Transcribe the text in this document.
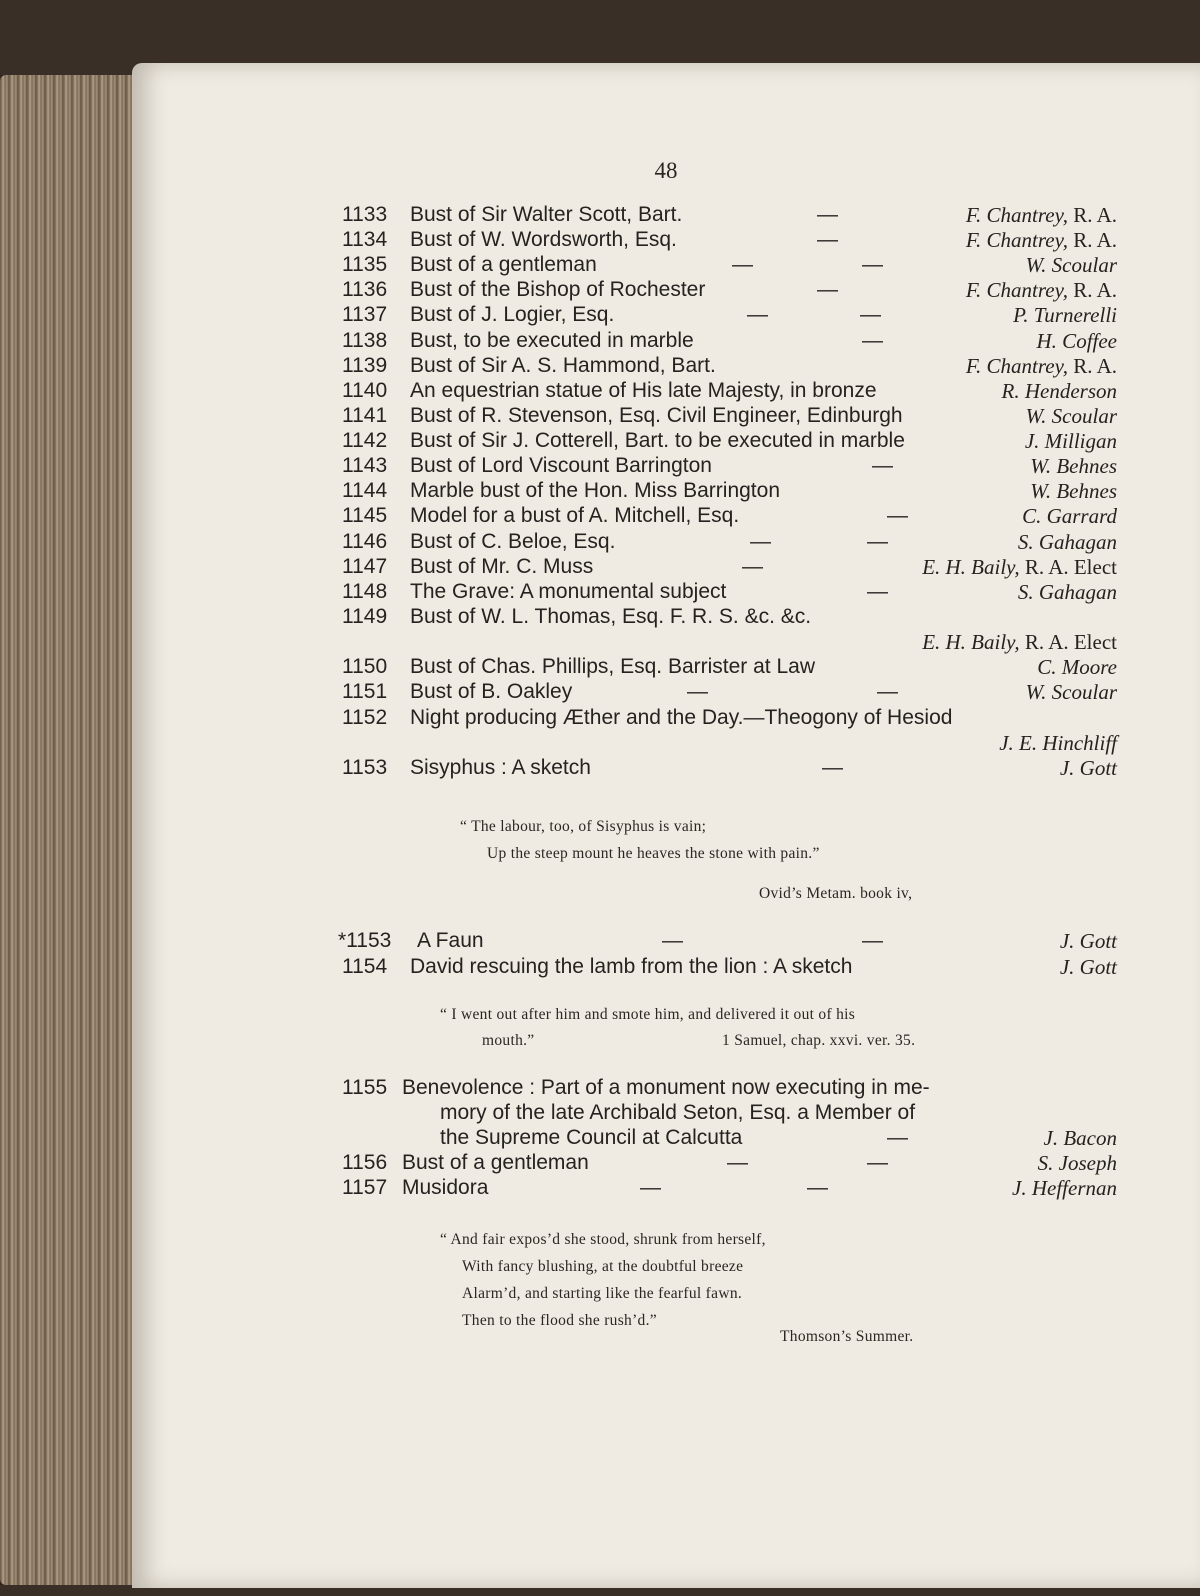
48
1133 Bust of Sir Walter Scott, Bart.	—	F. Chantrey, R. A.
1134 Bust of W. Wordsworth, Esq.	—	F. Chantrey, R. A.
1135 Bust of a gentleman	—	—	W. Scoular
1136 Bust of the Bishop of Rochester	—	F. Chantrey, R. A.
1137 Bust of J. Logier, Esq.	—	—	P. Turnerelli
1138 Bust, to be executed in marble	—	H. Coffee
1139 Bust of Sir A. S. Hammond, Bart.	F. Chantrey, R. A.
1140 An equestrian statue of His late Majesty, in bronze	R. Henderson
1141 Bust of R. Stevenson, Esq. Civil Engineer, Edinburgh	W. Scoular
1142 Bust of Sir J. Cotterell, Bart. to be executed in marble	J. Milligan
1143 Bust of Lord Viscount Barrington	—	W. Behnes
1144 Marble bust of the Hon. Miss Barrington	W. Behnes
1145 Model for a bust of A. Mitchell, Esq.	—	C. Garrard
1146 Bust of C. Beloe, Esq.	—	—	S. Gahagan
1147 Bust of Mr. C. Muss	—	E. H. Baily, R. A. Elect
1148 The Grave: A monumental subject	—	S. Gahagan
1149 Bust of W. L. Thomas, Esq. F. R. S. &c. &c.
E. H. Baily, R. A. Elect
1150 Bust of Chas. Phillips, Esq. Barrister at Law	C. Moore
1151 Bust of B. Oakley	—	—	W. Scoular
1152 Night producing Æther and the Day.—Theogony of Hesiod
J. E. Hinchliff
1153 Sisyphus : A sketch	—	J. Gott
“ The labour, too, of Sisyphus is vain;
Up the steep mount he heaves the stone with pain.”
Ovid’s Metam. book iv,
*1153 A Faun	—	—	J. Gott
1154 David rescuing the lamb from the lion : A sketch	J. Gott
“ I went out after him and smote him, and delivered it out of his
mouth.”	1 Samuel, chap. xxvi. ver. 35.
1155 Benevolence : Part of a monument now executing in me-
mory of the late Archibald Seton, Esq. a Member of
the Supreme Council at Calcutta	—	J. Bacon
1156 Bust of a gentleman	—	—	S. Joseph
1157 Musidora	—	—	J. Heffernan
“ And fair expos’d she stood, shrunk from herself,
With fancy blushing, at the doubtful breeze
Alarm’d, and starting like the fearful fawn.
Then to the flood she rush’d.”
Thomson’s Summer.
